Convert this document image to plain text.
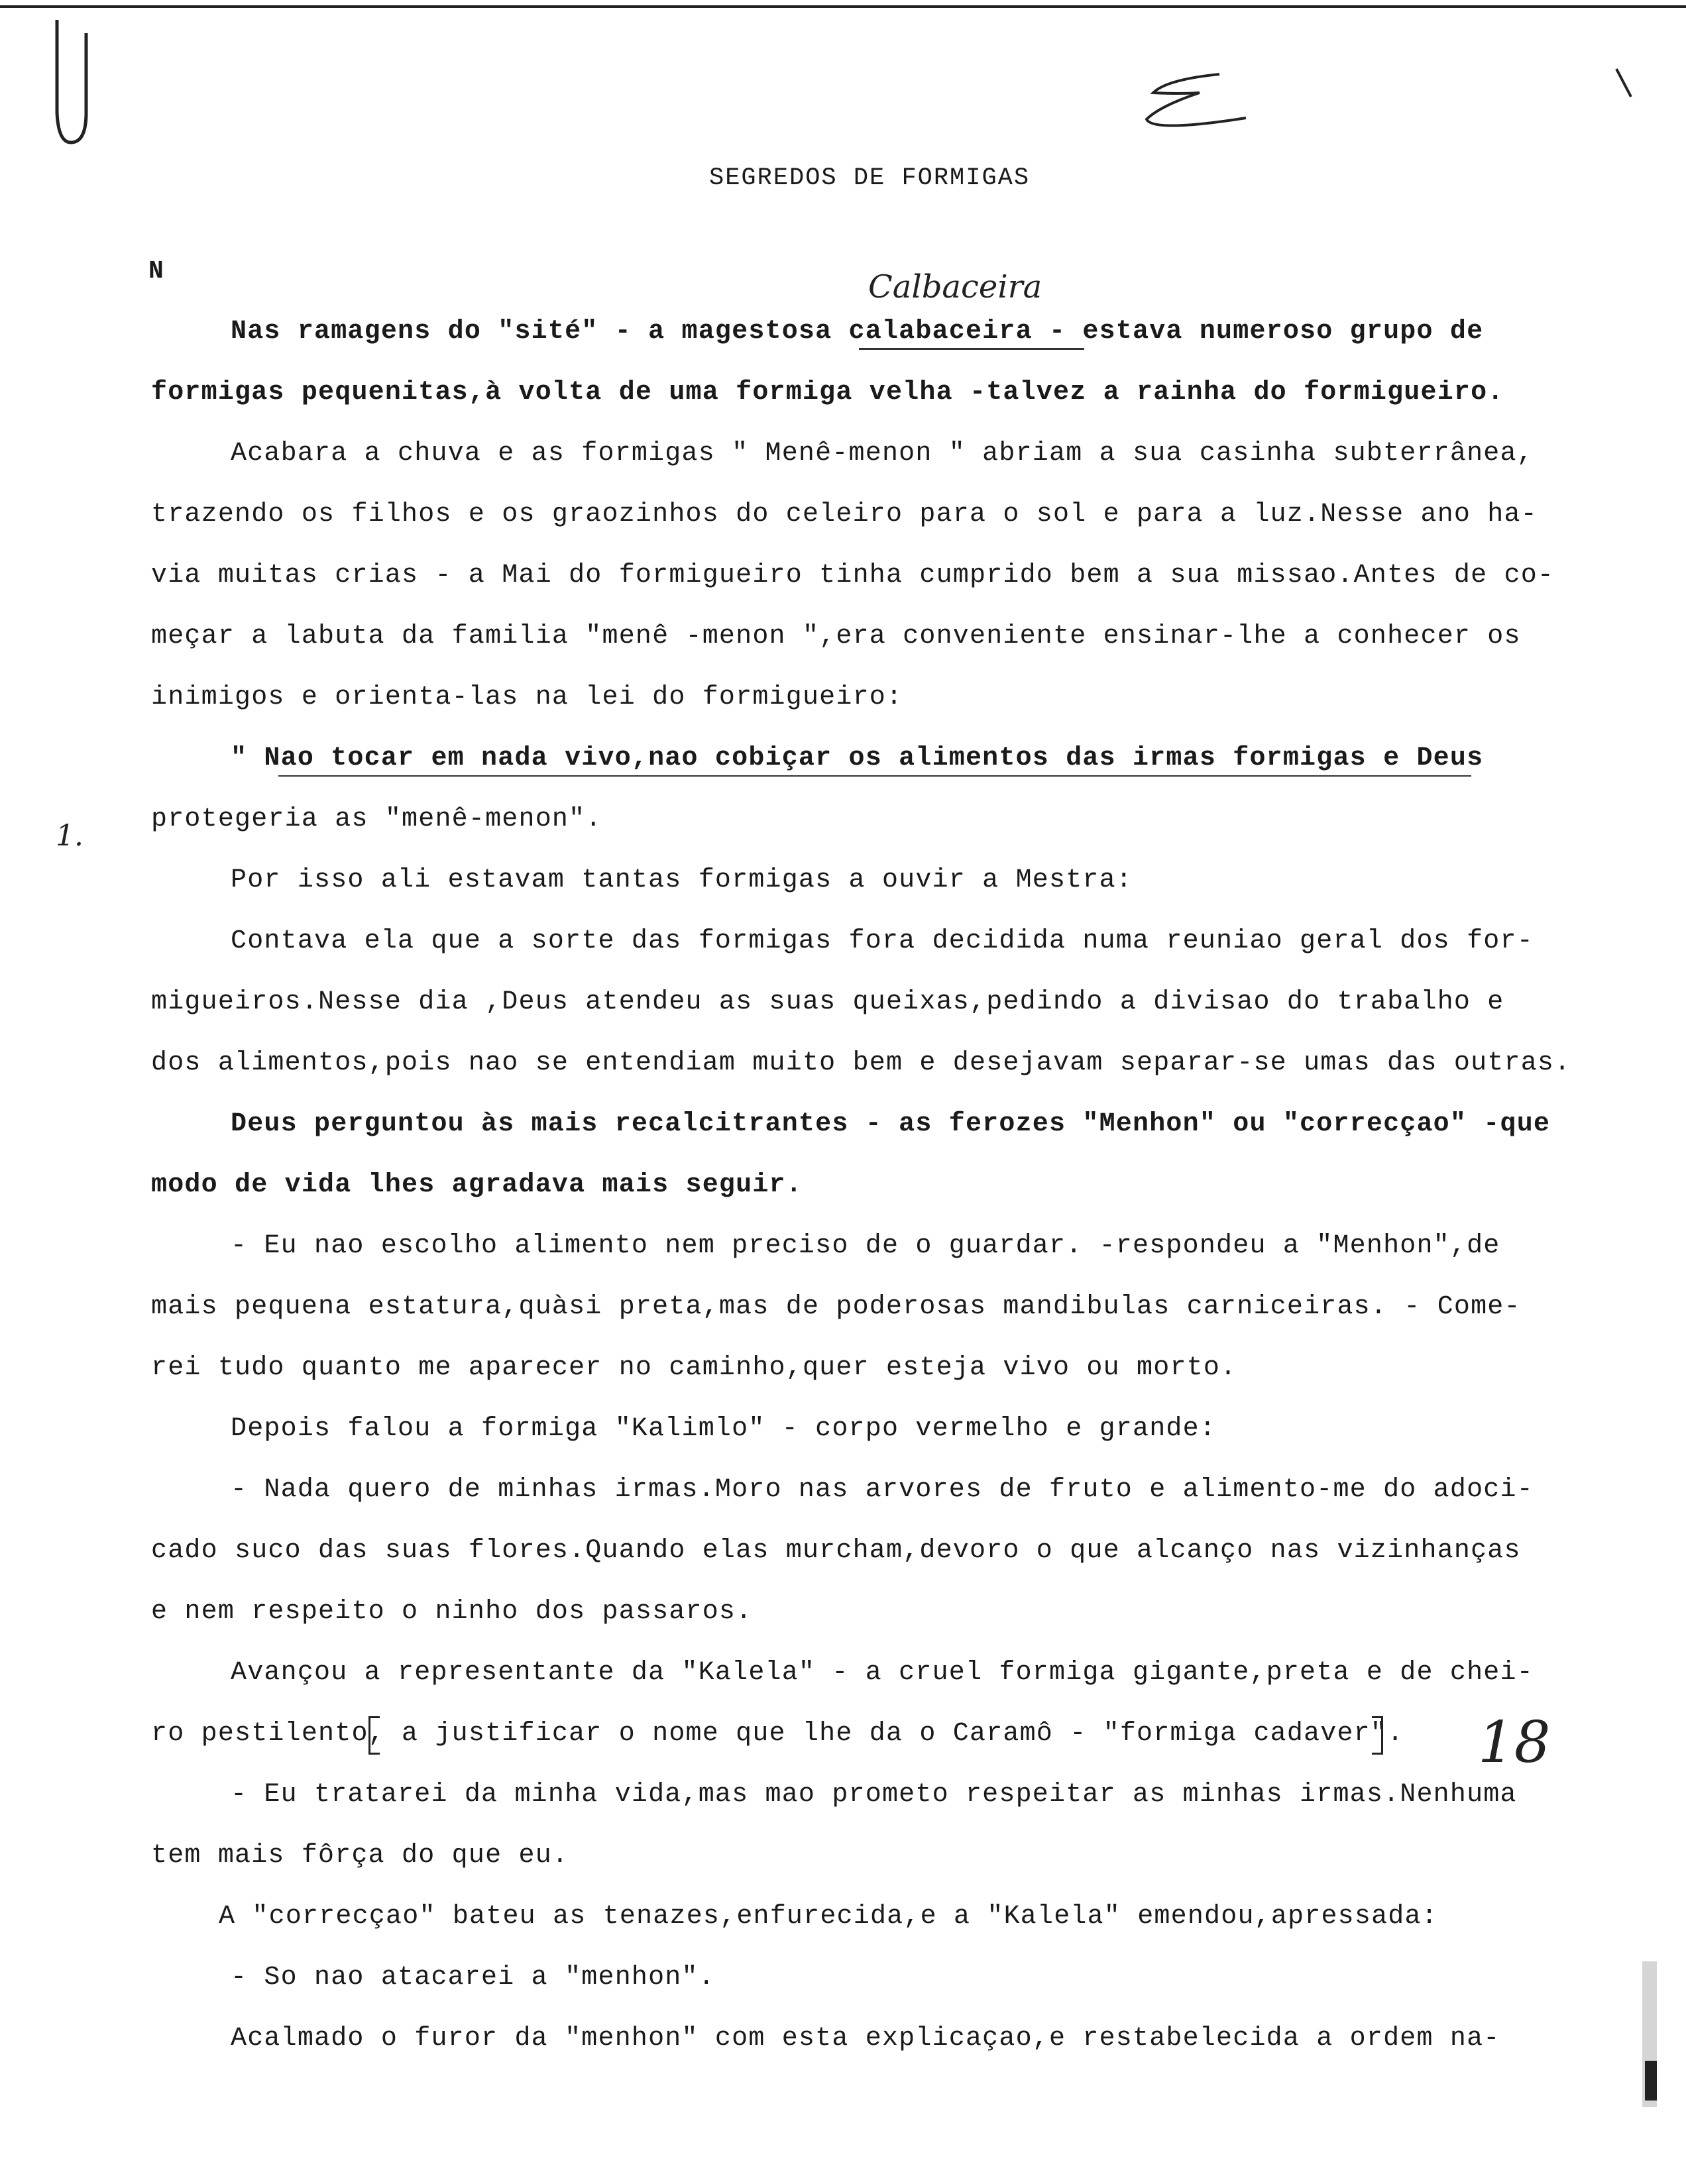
SEGREDOS DE FORMIGAS
N	Calbaceira
Nas ramagens do "sité" - a magestosa calabaceira - estava numeroso grupo de
formigas pequenitas,à volta de uma formiga velha -talvez a rainha do formigueiro.
Acabara a chuva e as formigas " Menê-menon " abriam a sua casinha subterrânea,
trazendo os filhos e os graozinhos do celeiro para o sol e para a luz.Nesse ano ha-
via muitas crias - a Mai do formigueiro tinha cumprido bem a sua missao.Antes de co-
meçar a labuta da familia "menê -menon ",era conveniente ensinar-lhe a conhecer os
inimigos e orienta-las na lei do formigueiro:
" Nao tocar em nada vivo,nao cobiçar os alimentos das irmas formigas e Deus
protegeria as "menê-menon".
1.
Por isso ali estavam tantas formigas a ouvir a Mestra:
Contava ela que a sorte das formigas fora decidida numa reuniao geral dos for-
migueiros.Nesse dia ,Deus atendeu as suas queixas,pedindo a divisao do trabalho e
dos alimentos,pois nao se entendiam muito bem e desejavam separar-se umas das outras.
Deus perguntou às mais recalcitrantes - as ferozes "Menhon" ou "correcçao" -que
modo de vida lhes agradava mais seguir.
- Eu nao escolho alimento nem preciso de o guardar. -respondeu a "Menhon",de
mais pequena estatura,quàsi preta,mas de poderosas mandibulas carniceiras. - Come-
rei tudo quanto me aparecer no caminho,quer esteja vivo ou morto.
Depois falou a formiga "Kalimlo" - corpo vermelho e grande:
- Nada quero de minhas irmas.Moro nas arvores de fruto e alimento-me do adoci-
cado suco das suas flores.Quando elas murcham,devoro o que alcanço nas vizinhanças
e nem respeito o ninho dos passaros.
Avançou a representante da "Kalela" - a cruel formiga gigante,preta e de chei-
ro pestilento, a justificar o nome que lhe da o Caramô - "formiga cadaver". 18
- Eu tratarei da minha vida,mas mao prometo respeitar as minhas irmas.Nenhuma
tem mais fôrça do que eu.
A "correcçao" bateu as tenazes,enfurecida,e a "Kalela" emendou,apressada:
- So nao atacarei a "menhon".
Acalmado o furor da "menhon" com esta explicaçao,e restabelecida a ordem na-
